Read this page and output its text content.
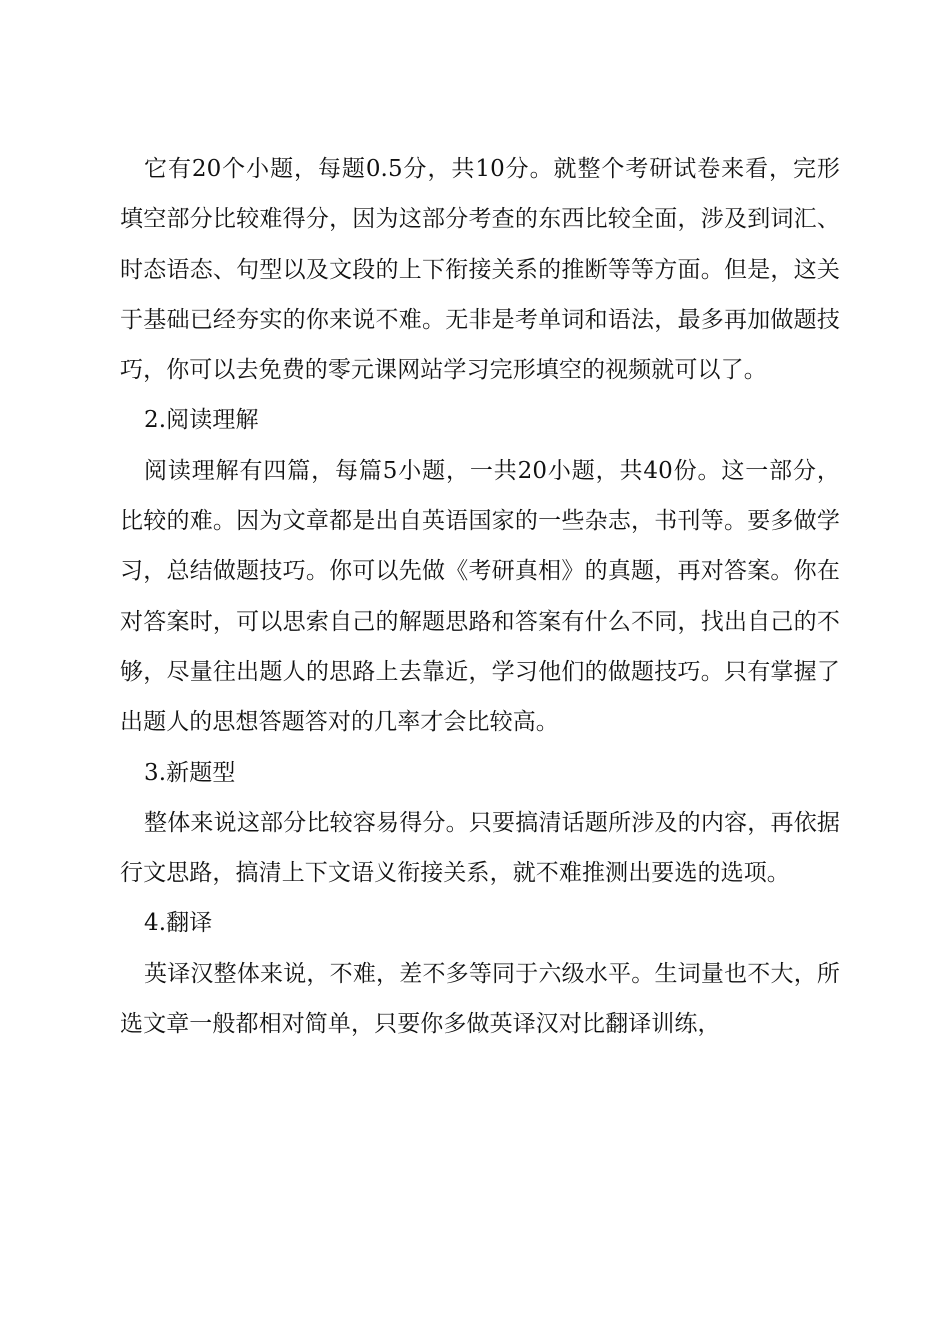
它有20个小题，每题0.5分，共10分。就整个考研试卷来看，完形填空部分比较难得分，因为这部分考查的东西比较全面，涉及到词汇、时态语态、句型以及文段的上下衔接关系的推断等等方面。但是，这关于基础已经夯实的你来说不难。无非是考单词和语法，最多再加做题技巧，你可以去免费的零元课网站学习完形填空的视频就可以了。

2.阅读理解

阅读理解有四篇，每篇5小题，一共20小题，共40份。这一部分，比较的难。因为文章都是出自英语国家的一些杂志，书刊等。要多做学习，总结做题技巧。你可以先做《考研真相》的真题，再对答案。你在对答案时，可以思索自己的解题思路和答案有什么不同，找出自己的不够，尽量往出题人的思路上去靠近，学习他们的做题技巧。只有掌握了出题人的思想答题答对的几率才会比较高。

3.新题型

整体来说这部分比较容易得分。只要搞清话题所涉及的内容，再依据行文思路，搞清上下文语义衔接关系，就不难推测出要选的选项。

4.翻译

英译汉整体来说，不难，差不多等同于六级水平。生词量也不大，所选文章一般都相对简单，只要你多做英译汉对比翻译训练，
